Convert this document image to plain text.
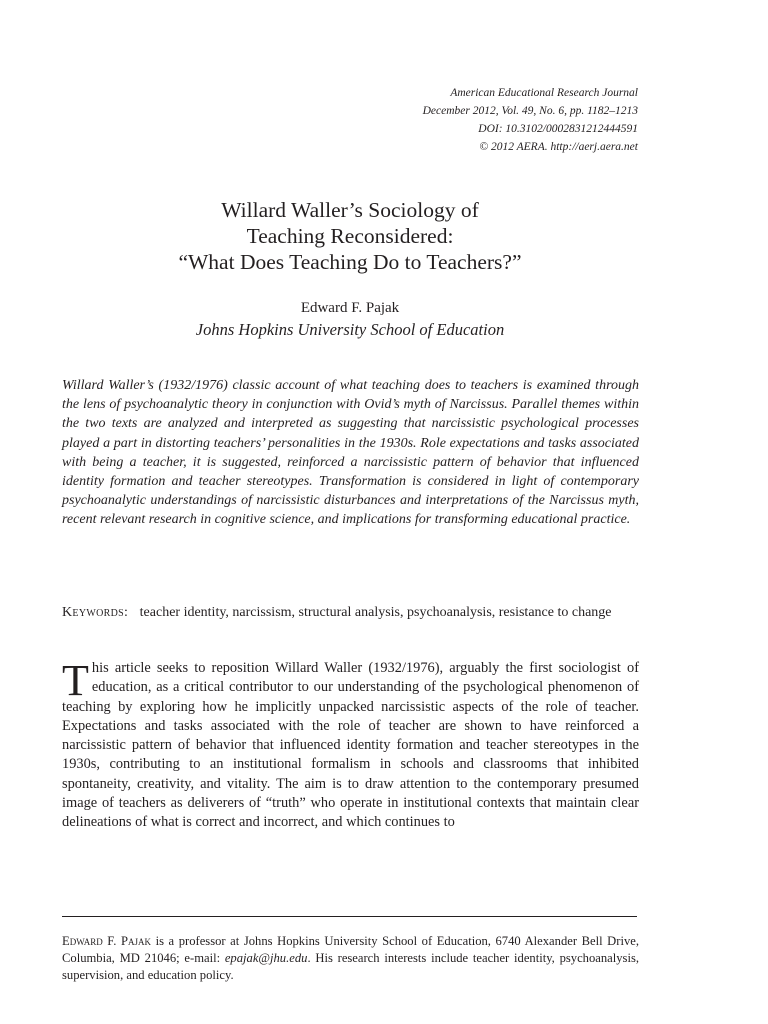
American Educational Research Journal
December 2012, Vol. 49, No. 6, pp. 1182–1213
DOI: 10.3102/0002831212444591
© 2012 AERA. http://aerj.aera.net
Willard Waller’s Sociology of
Teaching Reconsidered:
“What Does Teaching Do to Teachers?”
Edward F. Pajak
Johns Hopkins University School of Education
Willard Waller’s (1932/1976) classic account of what teaching does to teachers is examined through the lens of psychoanalytic theory in conjunction with Ovid’s myth of Narcissus. Parallel themes within the two texts are analyzed and interpreted as suggesting that narcissistic psychological processes played a part in distorting teachers’ personalities in the 1930s. Role expectations and tasks associated with being a teacher, it is suggested, reinforced a narcissistic pattern of behavior that influenced identity formation and teacher stereotypes. Transformation is considered in light of contemporary psychoanalytic understandings of narcissistic disturbances and interpretations of the Narcissus myth, recent relevant research in cognitive science, and implications for transforming educational practice.
Keywords: teacher identity, narcissism, structural analysis, psychoanalysis, resistance to change
This article seeks to reposition Willard Waller (1932/1976), arguably the first sociologist of education, as a critical contributor to our understanding of the psychological phenomenon of teaching by exploring how he implicitly unpacked narcissistic aspects of the role of teacher. Expectations and tasks associated with the role of teacher are shown to have reinforced a narcissistic pattern of behavior that influenced identity formation and teacher stereotypes in the 1930s, contributing to an institutional formalism in schools and classrooms that inhibited spontaneity, creativity, and vitality. The aim is to draw attention to the contemporary presumed image of teachers as deliverers of “truth” who operate in institutional contexts that maintain clear delineations of what is correct and incorrect, and which continues to
Edward F. Pajak is a professor at Johns Hopkins University School of Education, 6740 Alexander Bell Drive, Columbia, MD 21046; e-mail: epajak@jhu.edu. His research interests include teacher identity, psychoanalysis, supervision, and education policy.
